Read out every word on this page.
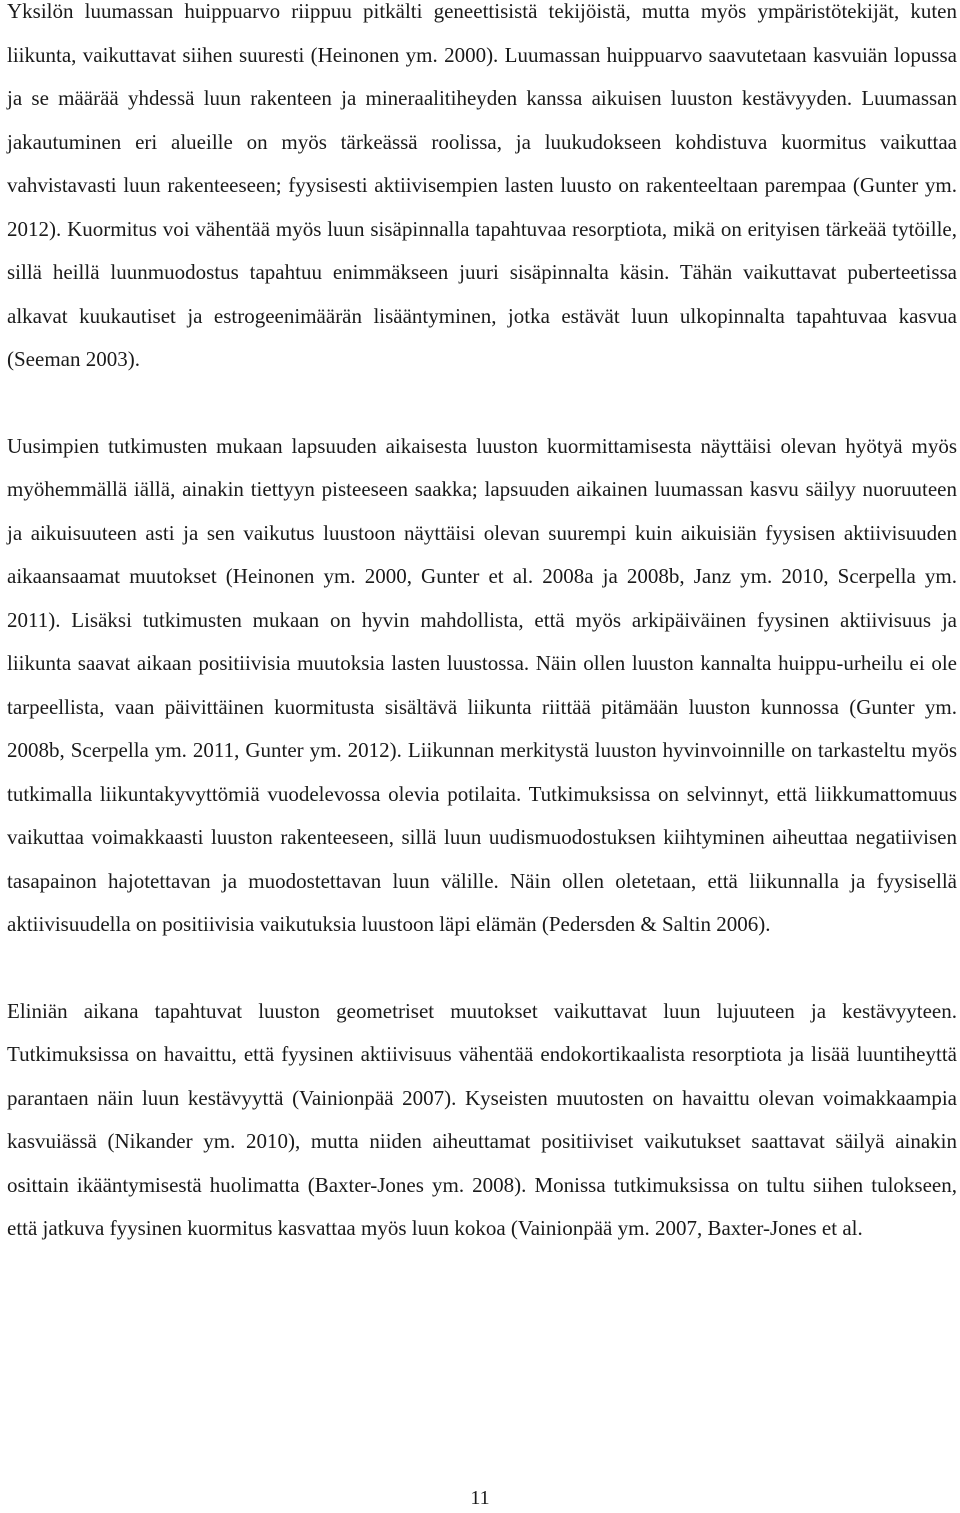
Yksilön luumassan huippuarvo riippuu pitkälti geneettisistä tekijöistä, mutta myös ympäristötekijät, kuten liikunta, vaikuttavat siihen suuresti (Heinonen ym. 2000). Luumassan huippuarvo saavutetaan kasvuiän lopussa ja se määrää yhdessä luun rakenteen ja mineraalitiheyden kanssa aikuisen luuston kestävyyden. Luumassan jakautuminen eri alueille on myös tärkeässä roolissa, ja luukudokseen kohdistuva kuormitus vaikuttaa vahvistavasti luun rakenteeseen; fyysisesti aktiivisempien lasten luusto on rakenteeltaan parempaa (Gunter ym. 2012). Kuormitus voi vähentää myös luun sisäpinnalla tapahtuvaa resorptiota, mikä on erityisen tärkeää tytöille, sillä heillä luunmuodostus tapahtuu enimmäkseen juuri sisäpinnalta käsin. Tähän vaikuttavat puberteetissa alkavat kuukautiset ja estrogeenimäärän lisääntyminen, jotka estävät luun ulkopinnalta tapahtuvaa kasvua (Seeman 2003).

Uusimpien tutkimusten mukaan lapsuuden aikaisesta luuston kuormittamisesta näyttäisi olevan hyötyä myös myöhemmällä iällä, ainakin tiettyyn pisteeseen saakka; lapsuuden aikainen luumassan kasvu säilyy nuoruuteen ja aikuisuuteen asti ja sen vaikutus luustoon näyttäisi olevan suurempi kuin aikuisiän fyysisen aktiivisuuden aikaansaamat muutokset (Heinonen ym. 2000, Gunter et al. 2008a ja 2008b, Janz ym. 2010, Scerpella ym. 2011). Lisäksi tutkimusten mukaan on hyvin mahdollista, että myös arkipäiväinen fyysinen aktiivisuus ja liikunta saavat aikaan positiivisia muutoksia lasten luustossa. Näin ollen luuston kannalta huippu-urheilu ei ole tarpeellista, vaan päivittäinen kuormitusta sisältävä liikunta riittää pitämään luuston kunnossa (Gunter ym. 2008b, Scerpella ym. 2011, Gunter ym. 2012). Liikunnan merkitystä luuston hyvinvoinnille on tarkasteltu myös tutkimalla liikuntakyvyttömiä vuodelevossa olevia potilaita. Tutkimuksissa on selvinnyt, että liikkumattomuus vaikuttaa voimakkaasti luuston rakenteeseen, sillä luun uudismuodostuksen kiihtyminen aiheuttaa negatiivisen tasapainon hajotettavan ja muodostettavan luun välille. Näin ollen oletetaan, että liikunnalla ja fyysisellä aktiivisuudella on positiivisia vaikutuksia luustoon läpi elämän (Pedersden & Saltin 2006).

Eliniän aikana tapahtuvat luuston geometriset muutokset vaikuttavat luun lujuuteen ja kestävyyteen. Tutkimuksissa on havaittu, että fyysinen aktiivisuus vähentää endokortikaalista resorptiota ja lisää luuntiheyttä parantaen näin luun kestävyyttä (Vainionpää 2007). Kyseisten muutosten on havaittu olevan voimakkaampia kasvuiässä (Nikander ym. 2010), mutta niiden aiheuttamat positiiviset vaikutukset saattavat säilyä ainakin osittain ikääntymisestä huolimatta (Baxter-Jones ym. 2008). Monissa tutkimuksissa on tultu siihen tulokseen, että jatkuva fyysinen kuormitus kasvattaa myös luun kokoa (Vainionpää ym. 2007, Baxter-Jones et al.

11
